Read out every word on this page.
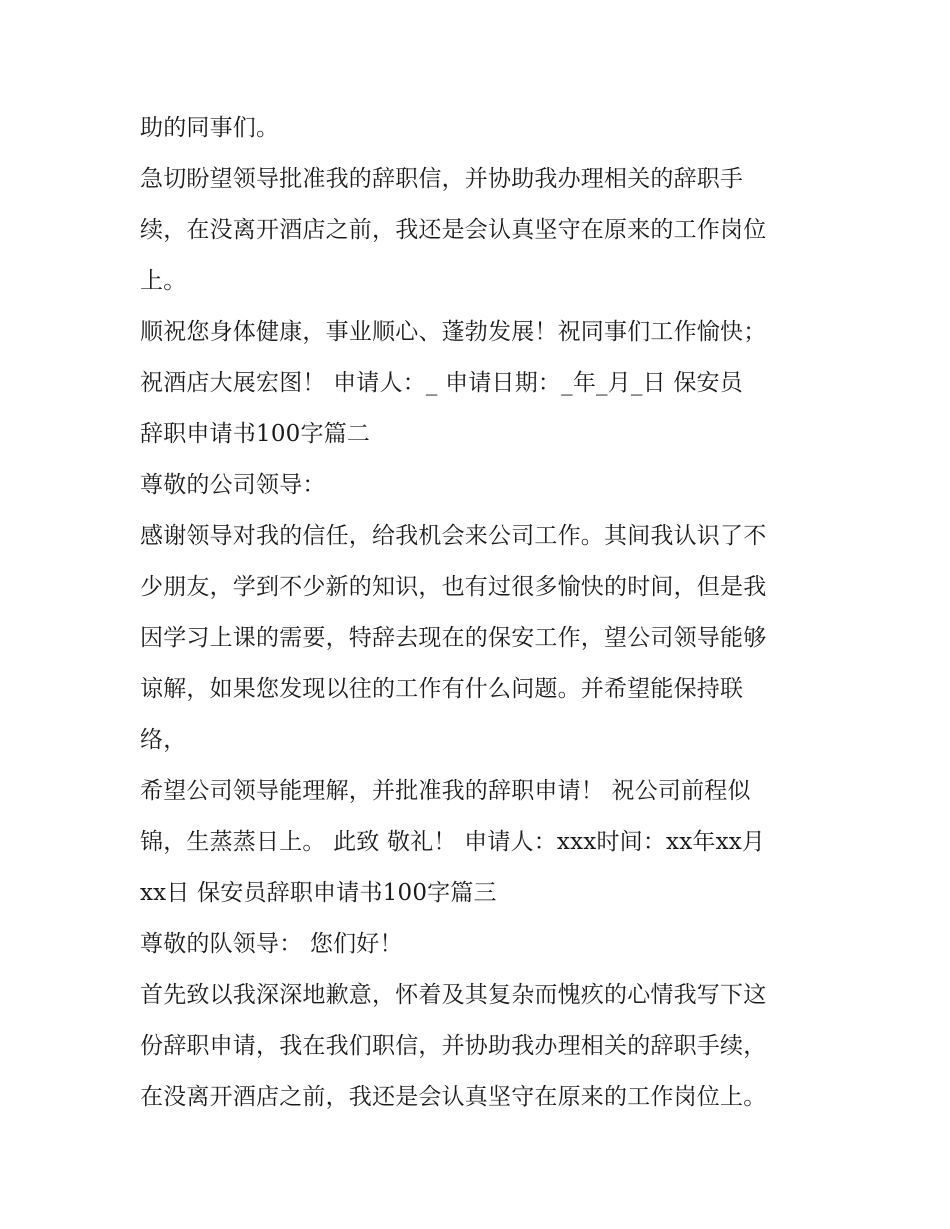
助的同事们。
急切盼望领导批准我的辞职信，并协助我办理相关的辞职手
续，在没离开酒店之前，我还是会认真坚守在原来的工作岗位
上。
顺祝您身体健康，事业顺心、蓬勃发展！祝同事们工作愉快；
祝酒店大展宏图！ 申请人：_ 申请日期：_年_月_日 保安员
辞职申请书100字篇二
尊敬的公司领导：
感谢领导对我的信任，给我机会来公司工作。其间我认识了不
少朋友，学到不少新的知识，也有过很多愉快的时间，但是我
因学习上课的需要，特辞去现在的保安工作，望公司领导能够
谅解，如果您发现以往的工作有什么问题。并希望能保持联
络，
希望公司领导能理解，并批准我的辞职申请！ 祝公司前程似
锦，生蒸蒸日上。 此致 敬礼！ 申请人：xxx时间：xx年xx月
xx日 保安员辞职申请书100字篇三
尊敬的队领导： 您们好！
首先致以我深深地歉意，怀着及其复杂而愧疚的心情我写下这
份辞职申请，我在我们职信，并协助我办理相关的辞职手续，
在没离开酒店之前，我还是会认真坚守在原来的工作岗位上。
